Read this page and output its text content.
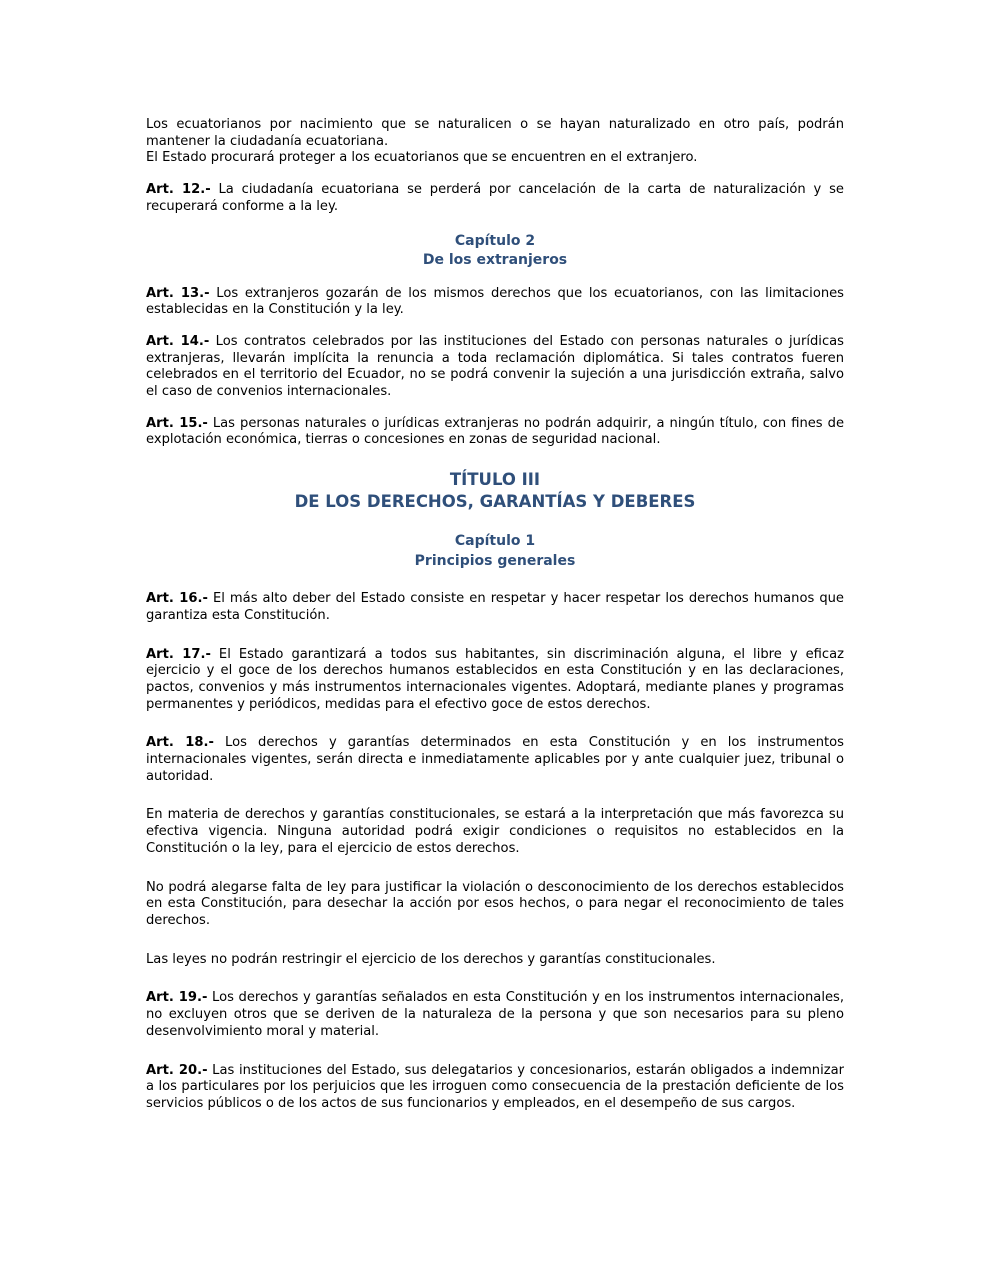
Los ecuatorianos por nacimiento que se naturalicen o se hayan naturalizado en otro país, podrán mantener la ciudadanía ecuatoriana.
El Estado procurará proteger a los ecuatorianos que se encuentren en el extranjero.

Art. 12.- La ciudadanía ecuatoriana se perderá por cancelación de la carta de naturalización y se recuperará conforme a la ley.

Capítulo 2
De los extranjeros

Art. 13.- Los extranjeros gozarán de los mismos derechos que los ecuatorianos, con las limitaciones establecidas en la Constitución y la ley.

Art. 14.- Los contratos celebrados por las instituciones del Estado con personas naturales o jurídicas extranjeras, llevarán implícita la renuncia a toda reclamación diplomática. Si tales contratos fueren celebrados en el territorio del Ecuador, no se podrá convenir la sujeción a una jurisdicción extraña, salvo el caso de convenios internacionales.

Art. 15.- Las personas naturales o jurídicas extranjeras no podrán adquirir, a ningún título, con fines de explotación económica, tierras o concesiones en zonas de seguridad nacional.

TÍTULO III
DE LOS DERECHOS, GARANTÍAS Y DEBERES
Capítulo 1
Principios generales

Art. 16.- El más alto deber del Estado consiste en respetar y hacer respetar los derechos humanos que garantiza esta Constitución.

Art. 17.- El Estado garantizará a todos sus habitantes, sin discriminación alguna, el libre y eficaz ejercicio y el goce de los derechos humanos establecidos en esta Constitución y en las declaraciones, pactos, convenios y más instrumentos internacionales vigentes. Adoptará, mediante planes y programas permanentes y periódicos, medidas para el efectivo goce de estos derechos.

Art. 18.- Los derechos y garantías determinados en esta Constitución y en los instrumentos internacionales vigentes, serán directa e inmediatamente aplicables por y ante cualquier juez, tribunal o autoridad.

En materia de derechos y garantías constitucionales, se estará a la interpretación que más favorezca su efectiva vigencia. Ninguna autoridad podrá exigir condiciones o requisitos no establecidos en la Constitución o la ley, para el ejercicio de estos derechos.

No podrá alegarse falta de ley para justificar la violación o desconocimiento de los derechos establecidos en esta Constitución, para desechar la acción por esos hechos, o para negar el reconocimiento de tales derechos.

Las leyes no podrán restringir el ejercicio de los derechos y garantías constitucionales.

Art. 19.- Los derechos y garantías señalados en esta Constitución y en los instrumentos internacionales, no excluyen otros que se deriven de la naturaleza de la persona y que son necesarios para su pleno desenvolvimiento moral y material.

Art. 20.- Las instituciones del Estado, sus delegatarios y concesionarios, estarán obligados a indemnizar a los particulares por los perjuicios que les irroguen como consecuencia de la prestación deficiente de los servicios públicos o de los actos de sus funcionarios y empleados, en el desempeño de sus cargos.
